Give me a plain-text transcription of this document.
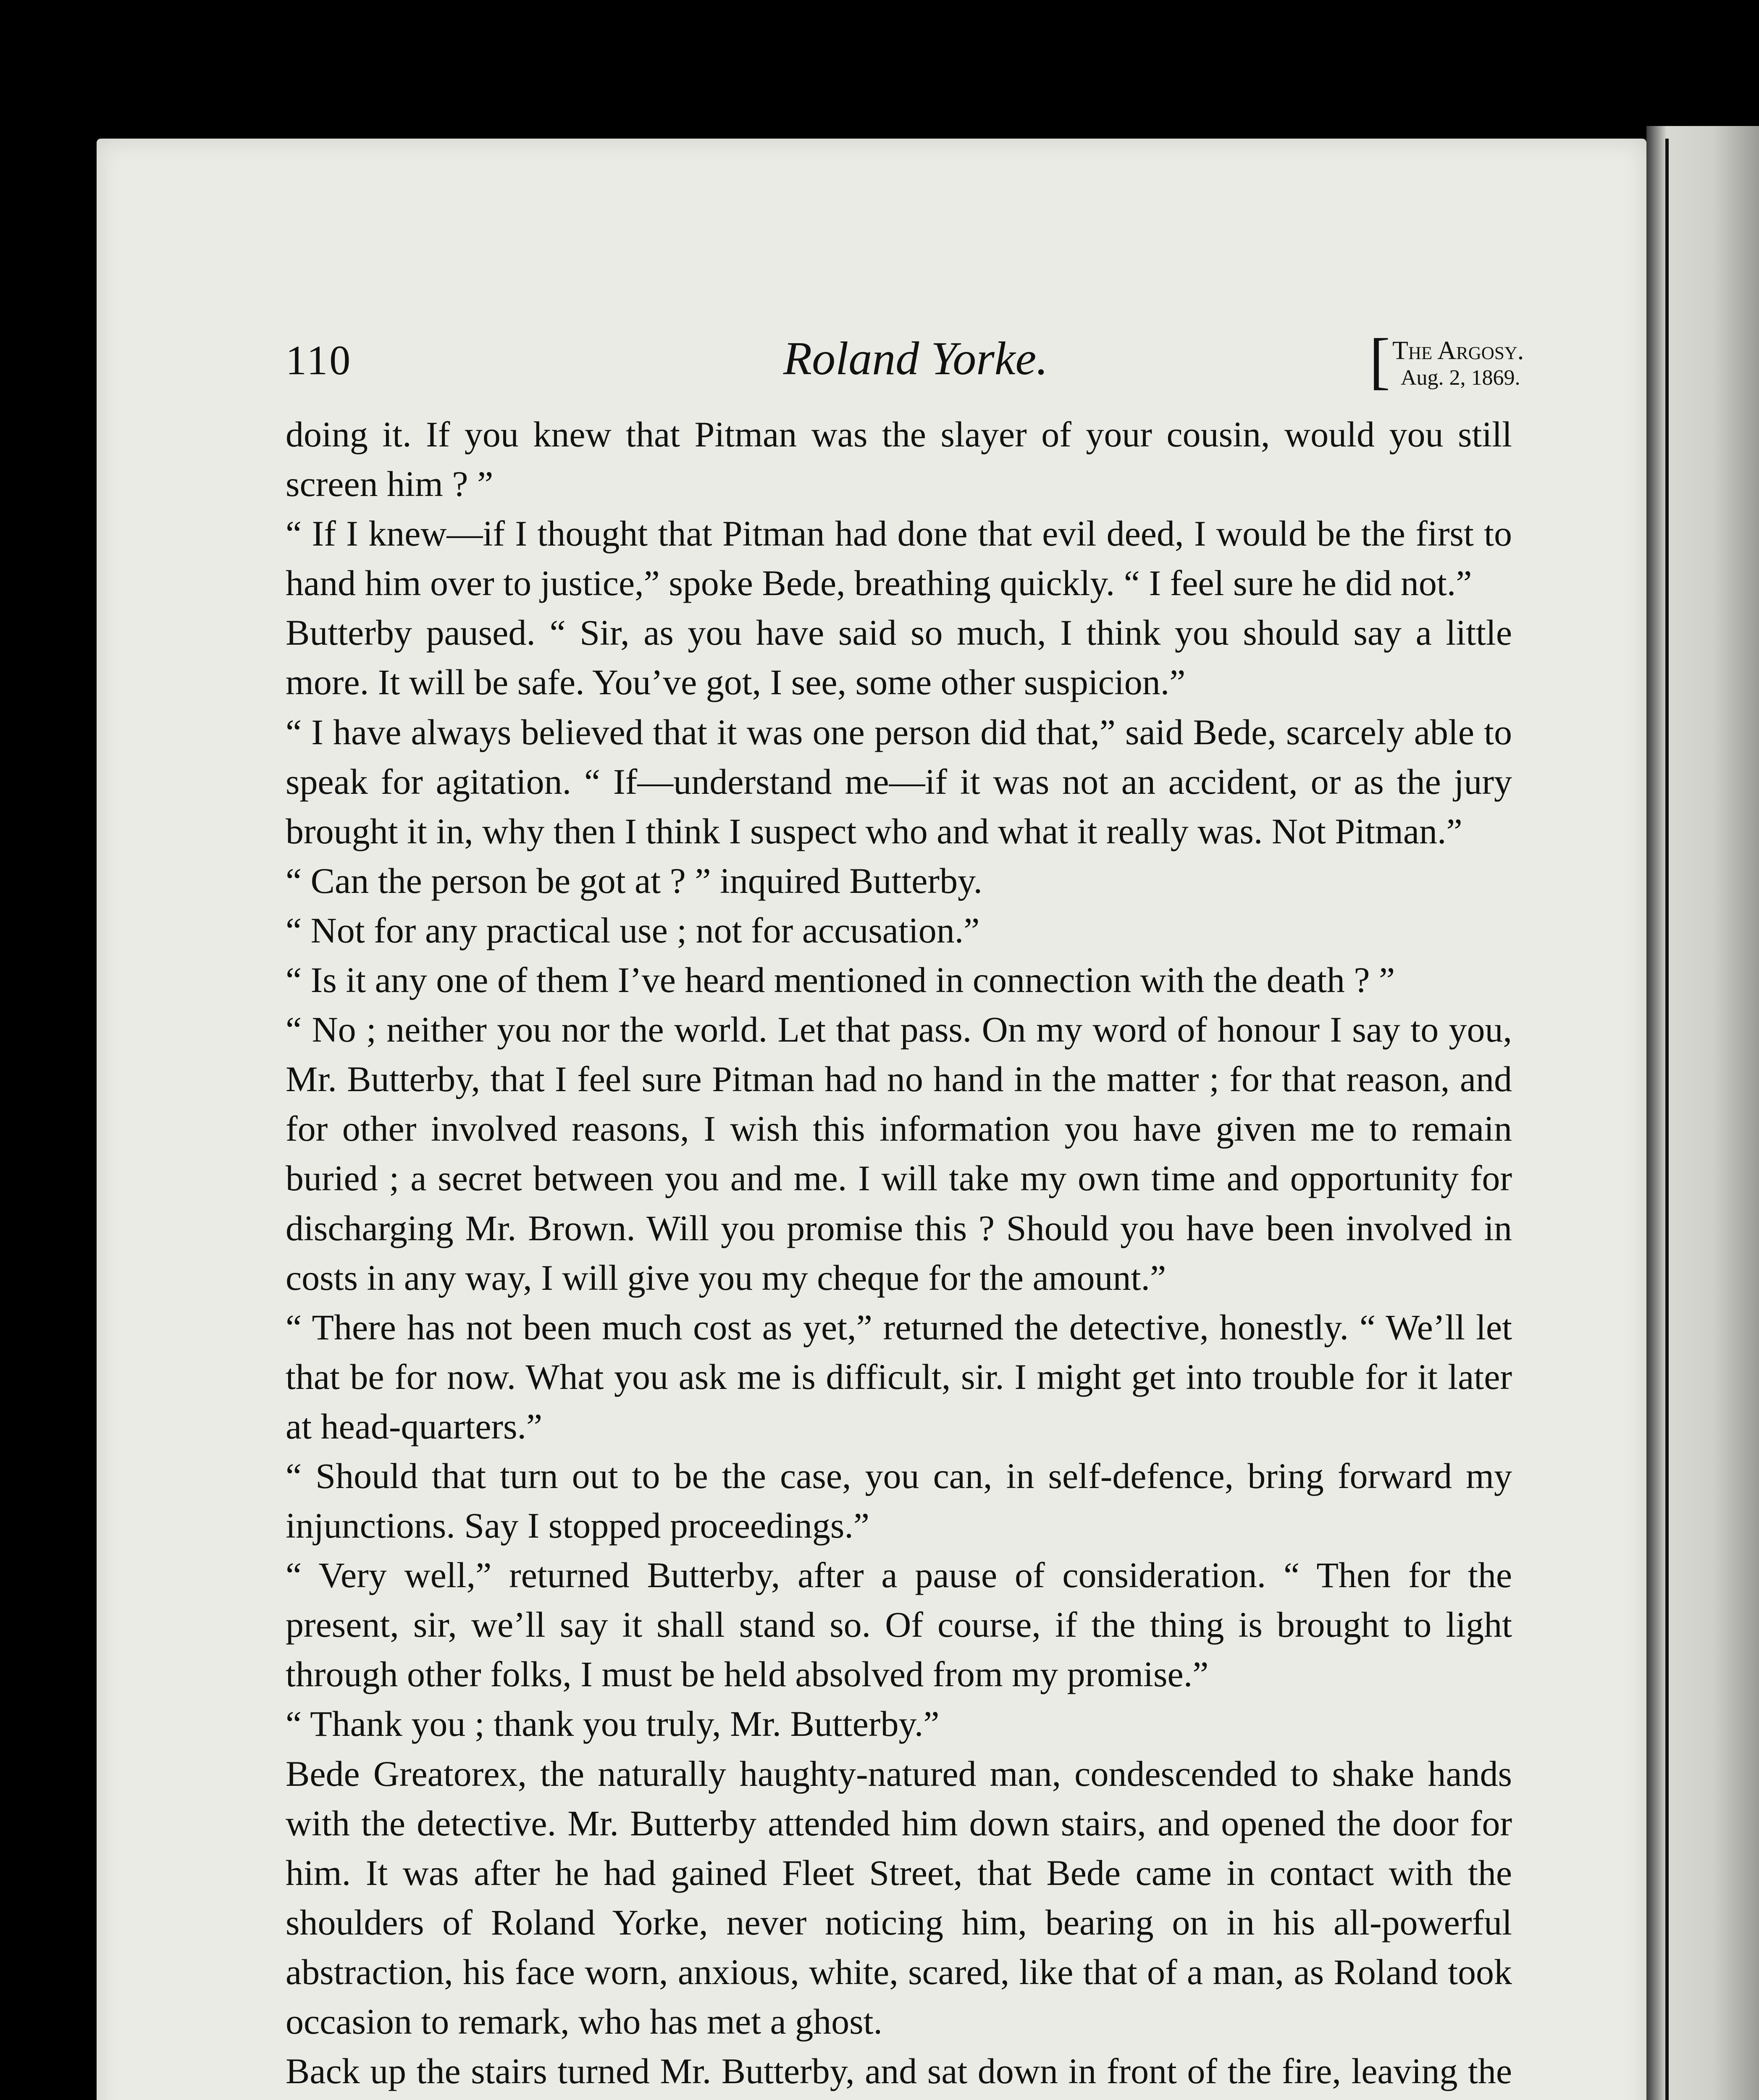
110	Roland Yorke.	[ The Argosy.
Aug. 2, 1869.

doing it. If you knew that Pitman was the slayer of your cousin, would you still screen him ? ”

“ If I knew—if I thought that Pitman had done that evil deed, I would be the first to hand him over to justice,” spoke Bede, breathing quickly. “ I feel sure he did not.”

Butterby paused. “ Sir, as you have said so much, I think you should say a little more. It will be safe. You’ve got, I see, some other suspicion.”

“ I have always believed that it was one person did that,” said Bede, scarcely able to speak for agitation. “ If—understand me—if it was not an accident, or as the jury brought it in, why then I think I suspect who and what it really was. Not Pitman.”

“ Can the person be got at ? ” inquired Butterby.

“ Not for any practical use ; not for accusation.”

“ Is it any one of them I’ve heard mentioned in connection with the death ? ”

“ No ; neither you nor the world. Let that pass. On my word of honour I say to you, Mr. Butterby, that I feel sure Pitman had no hand in the matter ; for that reason, and for other involved reasons, I wish this information you have given me to remain buried ; a secret between you and me. I will take my own time and opportunity for discharging Mr. Brown. Will you promise this ? Should you have been involved in costs in any way, I will give you my cheque for the amount.”

“ There has not been much cost as yet,” returned the detective, honestly. “ We’ll let that be for now. What you ask me is difficult, sir. I might get into trouble for it later at head-quarters.”

“ Should that turn out to be the case, you can, in self-defence, bring forward my injunctions. Say I stopped proceedings.”

“ Very well,” returned Butterby, after a pause of consideration. “ Then for the present, sir, we’ll say it shall stand so. Of course, if the thing is brought to light through other folks, I must be held absolved from my promise.”

“ Thank you ; thank you truly, Mr. Butterby.”

Bede Greatorex, the naturally haughty-natured man, condescended to shake hands with the detective. Mr. Butterby attended him down stairs, and opened the door for him. It was after he had gained Fleet Street, that Bede came in contact with the shoulders of Roland Yorke, never noticing him, bearing on in his all-powerful abstraction, his face worn, anxious, white, scared, like that of a man, as Roland took occasion to remark, who has met a ghost.

Back up the stairs turned Mr. Butterby, and sat down in front of the fire, leaving the
